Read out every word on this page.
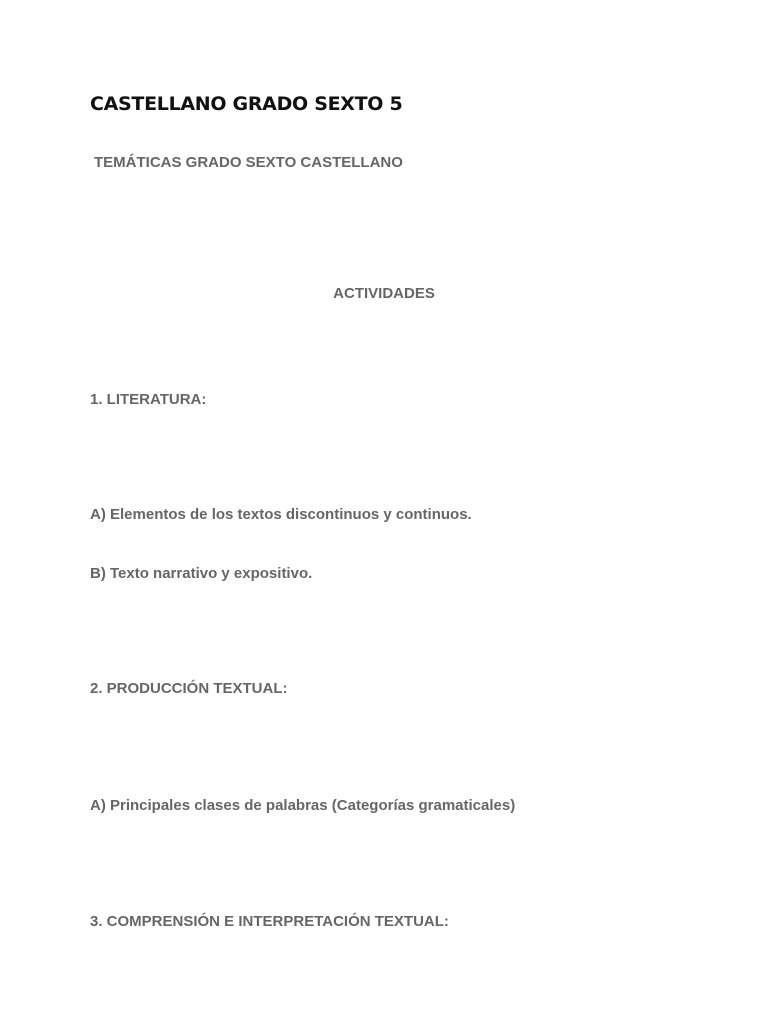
CASTELLANO GRADO SEXTO 5
TEMÁTICAS GRADO SEXTO CASTELLANO
ACTIVIDADES
1. LITERATURA:
A) Elementos de los textos discontinuos y continuos.
B) Texto narrativo y expositivo.
2. PRODUCCIÓN TEXTUAL:
A) Principales clases de palabras (Categorías gramaticales)
3. COMPRENSIÓN E INTERPRETACIÓN TEXTUAL:
